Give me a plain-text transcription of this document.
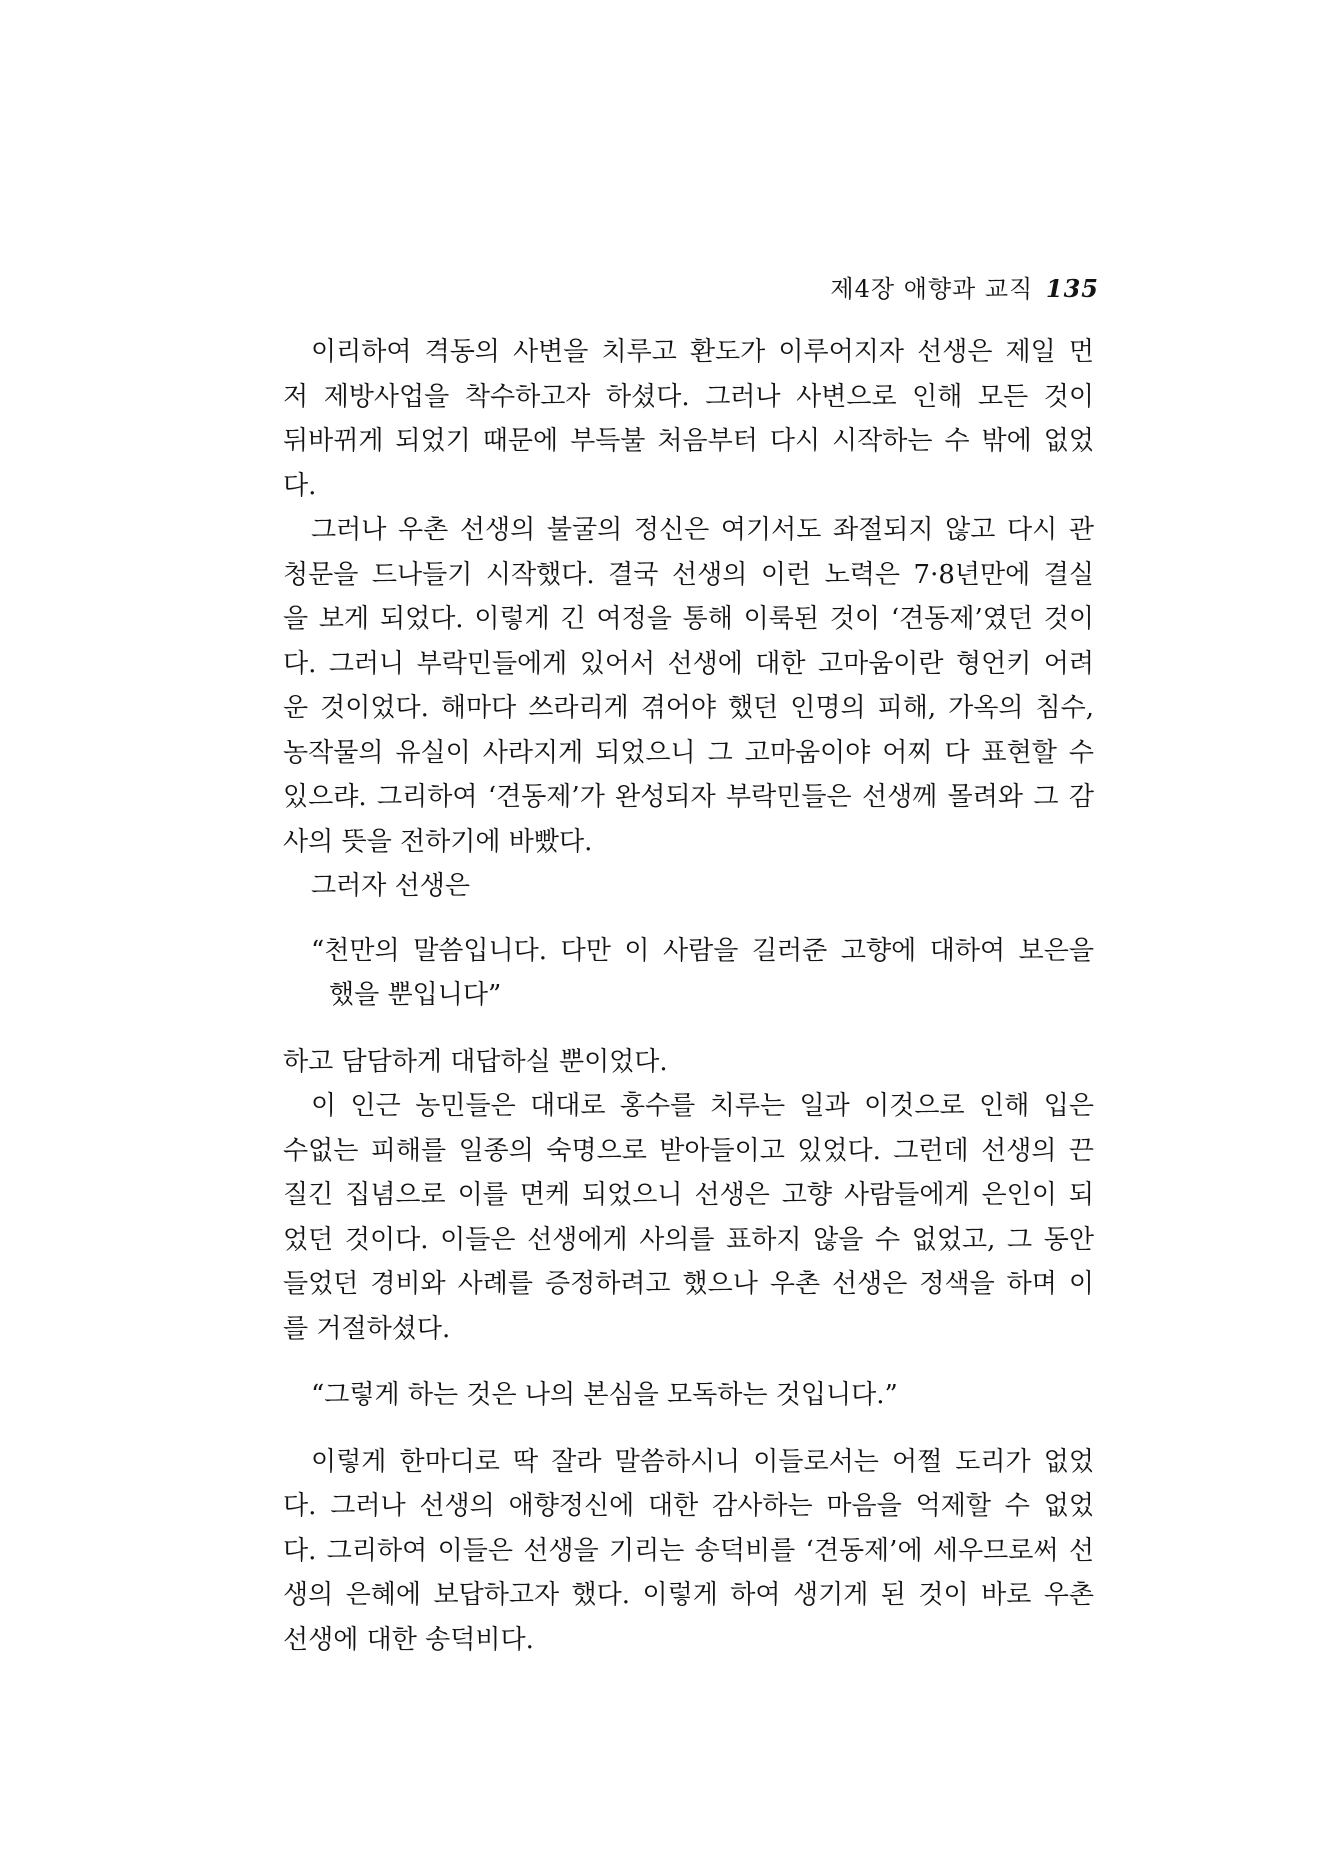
제4장 애향과 교직 135
이리하여 격동의 사변을 치루고 환도가 이루어지자 선생은 제일 먼
저 제방사업을 착수하고자 하셨다. 그러나 사변으로 인해 모든 것이
뒤바뀌게 되었기 때문에 부득불 처음부터 다시 시작하는 수 밖에 없었
다.
그러나 우촌 선생의 불굴의 정신은 여기서도 좌절되지 않고 다시 관
청문을 드나들기 시작했다. 결국 선생의 이런 노력은 7·8년만에 결실
을 보게 되었다. 이렇게 긴 여정을 통해 이룩된 것이 ‘견동제’였던 것이
다. 그러니 부락민들에게 있어서 선생에 대한 고마움이란 형언키 어려
운 것이었다. 해마다 쓰라리게 겪어야 했던 인명의 피해, 가옥의 침수,
농작물의 유실이 사라지게 되었으니 그 고마움이야 어찌 다 표현할 수
있으랴. 그리하여 ‘견동제’가 완성되자 부락민들은 선생께 몰려와 그 감
사의 뜻을 전하기에 바빴다.
그러자 선생은
“천만의 말씀입니다. 다만 이 사람을 길러준 고향에 대하여 보은을
했을 뿐입니다”
하고 담담하게 대답하실 뿐이었다.
이 인근 농민들은 대대로 홍수를 치루는 일과 이것으로 인해 입은
수없는 피해를 일종의 숙명으로 받아들이고 있었다. 그런데 선생의 끈
질긴 집념으로 이를 면케 되었으니 선생은 고향 사람들에게 은인이 되
었던 것이다. 이들은 선생에게 사의를 표하지 않을 수 없었고, 그 동안
들었던 경비와 사례를 증정하려고 했으나 우촌 선생은 정색을 하며 이
를 거절하셨다.
“그렇게 하는 것은 나의 본심을 모독하는 것입니다.”
이렇게 한마디로 딱 잘라 말씀하시니 이들로서는 어쩔 도리가 없었
다. 그러나 선생의 애향정신에 대한 감사하는 마음을 억제할 수 없었
다. 그리하여 이들은 선생을 기리는 송덕비를 ‘견동제’에 세우므로써 선
생의 은혜에 보답하고자 했다. 이렇게 하여 생기게 된 것이 바로 우촌
선생에 대한 송덕비다.
